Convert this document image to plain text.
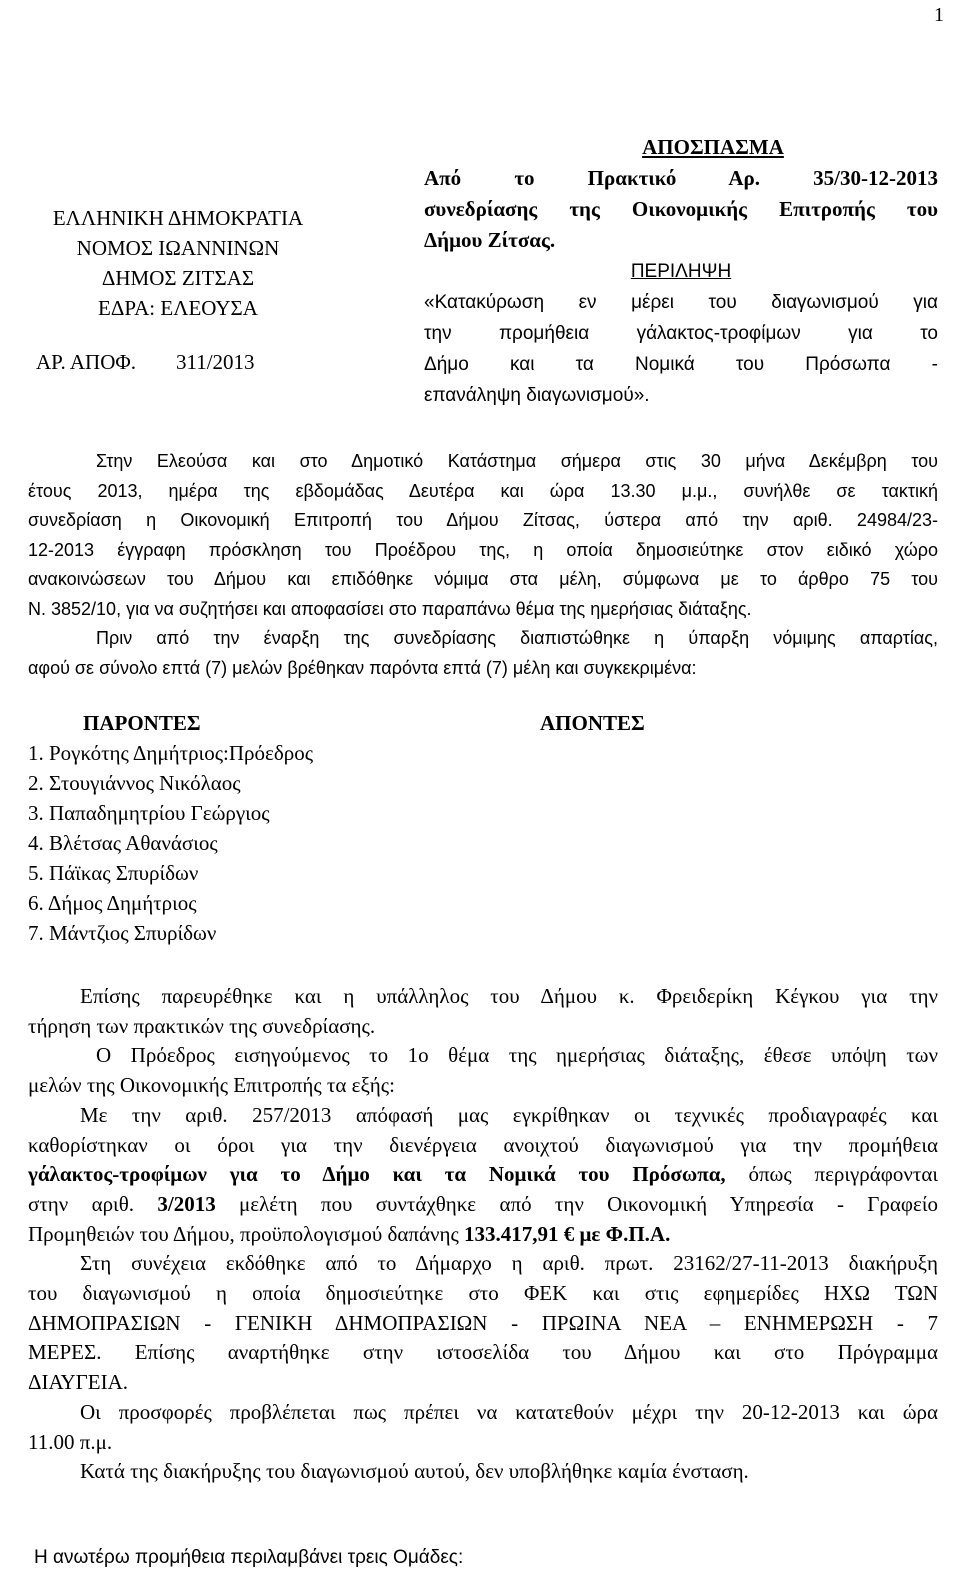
1
ΕΛΛΗΝΙΚΗ ΔΗΜΟΚΡΑΤΙΑ
ΝΟΜΟΣ ΙΩΑΝΝΙΝΩΝ
ΔΗΜΟΣ ΖΙΤΣΑΣ
ΕΔΡΑ: ΕΛΕΟΥΣΑ
ΑΡ. ΑΠΟΦ. 311/2013
ΑΠΟΣΠΑΣΜΑ
Από το Πρακτικό Αρ. 35/30-12-2013
συνεδρίασης της Οικονομικής Επιτροπής του
Δήμου Ζίτσας.
ΠΕΡΙΛΗΨΗ
«Κατακύρωση εν μέρει του διαγωνισμού για
την προμήθεια γάλακτος-τροφίμων για το
Δήμο και τα Νομικά του Πρόσωπα -
επανάληψη διαγωνισμού».
Στην Ελεούσα και στο Δημοτικό Κατάστημα σήμερα στις 30 μήνα Δεκέμβρη του
έτους 2013, ημέρα της εβδομάδας Δευτέρα και ώρα 13.30 μ.μ., συνήλθε σε τακτική
συνεδρίαση η Οικονομική Επιτροπή του Δήμου Ζίτσας, ύστερα από την αριθ. 24984/23-
12-2013 έγγραφη πρόσκληση του Προέδρου της, η οποία δημοσιεύτηκε στον ειδικό χώρο
ανακοινώσεων του Δήμου και επιδόθηκε νόμιμα στα μέλη, σύμφωνα με το άρθρο 75 του
Ν. 3852/10, για να συζητήσει και αποφασίσει στο παραπάνω θέμα της ημερήσιας διάταξης.
Πριν από την έναρξη της συνεδρίασης διαπιστώθηκε η ύπαρξη νόμιμης απαρτίας,
αφού σε σύνολο επτά (7) μελών βρέθηκαν παρόντα επτά (7) μέλη και συγκεκριμένα:
ΠΑΡΟΝΤΕΣ	ΑΠΟΝΤΕΣ
1. Ρογκότης Δημήτριος:Πρόεδρος
2. Στουγιάννος Νικόλαος
3. Παπαδημητρίου Γεώργιος
4. Βλέτσας Αθανάσιος
5. Πάϊκας Σπυρίδων
6. Δήμος Δημήτριος
7. Μάντζιος Σπυρίδων
Επίσης παρευρέθηκε και η υπάλληλος του Δήμου κ. Φρειδερίκη Κέγκου για την
τήρηση των πρακτικών της συνεδρίασης.
Ο Πρόεδρος εισηγούμενος το 1ο θέμα της ημερήσιας διάταξης, έθεσε υπόψη των
μελών της Οικονομικής Επιτροπής τα εξής:
Με την αριθ. 257/2013 απόφασή μας εγκρίθηκαν οι τεχνικές προδιαγραφές και
καθορίστηκαν οι όροι για την διενέργεια ανοιχτού διαγωνισμού για την προμήθεια
γάλακτος-τροφίμων για το Δήμο και τα Νομικά του Πρόσωπα, όπως περιγράφονται
στην αριθ. 3/2013 μελέτη που συντάχθηκε από την Οικονομική Υπηρεσία - Γραφείο
Προμηθειών του Δήμου, προϋπολογισμού δαπάνης 133.417,91 € με Φ.Π.Α.
Στη συνέχεια εκδόθηκε από το Δήμαρχο η αριθ. πρωτ. 23162/27-11-2013 διακήρυξη
του διαγωνισμού η οποία δημοσιεύτηκε στο ΦΕΚ και στις εφημερίδες ΗΧΩ ΤΩΝ
ΔΗΜΟΠΡΑΣΙΩΝ - ΓΕΝΙΚΗ ΔΗΜΟΠΡΑΣΙΩΝ - ΠΡΩΙΝΑ ΝΕΑ – ΕΝΗΜΕΡΩΣΗ - 7
ΜΕΡΕΣ. Επίσης αναρτήθηκε στην ιστοσελίδα του Δήμου και στο Πρόγραμμα
ΔΙΑΥΓΕΙΑ.
Οι προσφορές προβλέπεται πως πρέπει να κατατεθούν μέχρι την 20-12-2013 και ώρα
11.00 π.μ.
Κατά της διακήρυξης του διαγωνισμού αυτού, δεν υποβλήθηκε καμία ένσταση.
Η ανωτέρω προμήθεια περιλαμβάνει τρεις Ομάδες:
